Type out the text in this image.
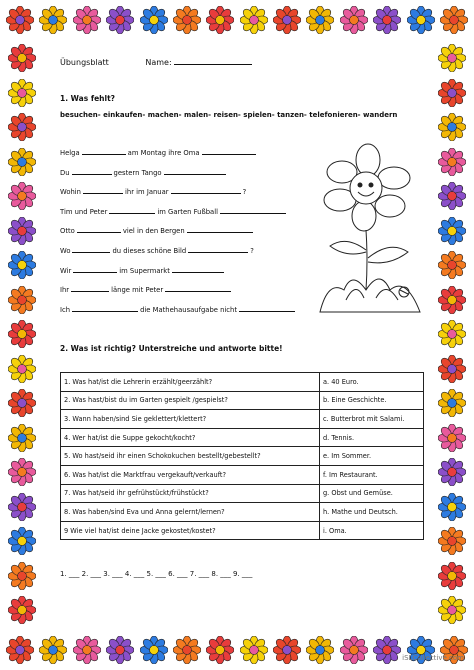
Übungsblatt	Name:
1. Was fehlt?
besuchen- einkaufen- machen- malen- reisen- spielen- tanzen- telefonieren- wandern
Helga	am Montag ihre Oma
Du	gestern Tango
Wohin	ihr im Januar	?
Tim und Peter	im Garten Fußball
Otto	viel in den Bergen
Wo	du dieses schöne Bild	?
Wir	im Supermarkt
Ihr	länge mit Peter
Ich	die Mathehausaufgabe nicht
2. Was ist richtig? Unterstreiche und antworte bitte!
1. Was hat/ist die Lehrerin erzählt/geerzählt?	a. 40 Euro.
2. Was hast/bist du im Garten gespielt /gespielst?	b. Eine Geschichte.
3. Wann haben/sind Sie geklettert/klettert?	c. Butterbrot mit Salami.
4. Wer hat/ist die Suppe gekocht/kocht?	d. Tennis.
5. Wo hast/seid ihr einen Schokokuchen bestellt/gebestellt?	e. Im Sommer.
6. Was hat/ist die Marktfrau vergekauft/verkauft?	f. Im Restaurant.
7. Was hat/seid ihr gefrühstückt/frühstückt?	g. Obst und Gemüse.
8. Was haben/sind Eva und Anna gelernt/lernen?	h. Mathe und Deutsch.
9 Wie viel hat/ist deine Jacke gekostet/kostet?	i. Oma.
1. ___ 2. ___ 3. ___ 4. ___ 5. ___ 6. ___ 7. ___ 8. ___ 9. ___
iSLCollective.com
